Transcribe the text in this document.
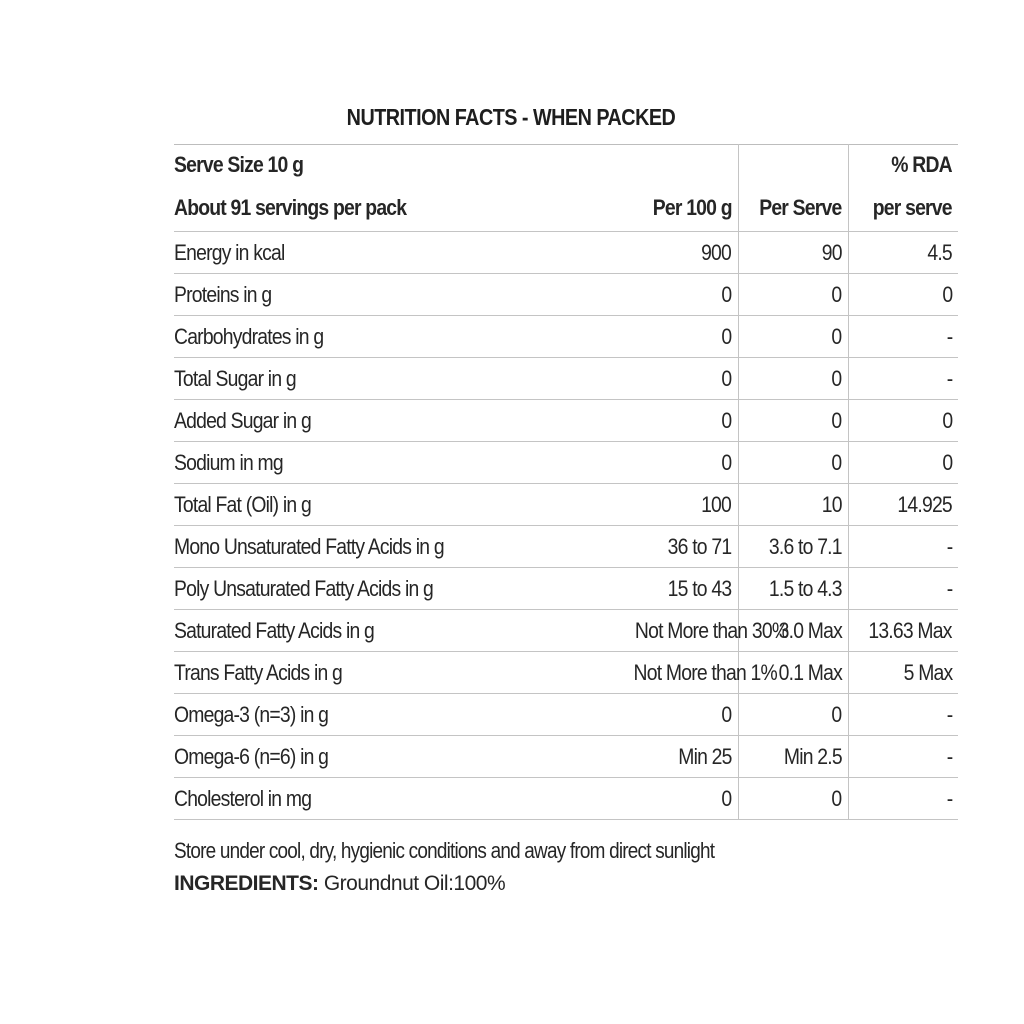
NUTRITION FACTS - WHEN PACKED
Serve Size 10 g			% RDA
About 91 servings per pack	Per 100 g	Per Serve	per serve
Energy in kcal	900	90	4.5
Proteins in g	0	0	0
Carbohydrates in g	0	0	-
Total Sugar in g	0	0	-
Added Sugar in g	0	0	0
Sodium in mg	0	0	0
Total Fat (Oil) in g	100	10	14.925
Mono Unsaturated Fatty Acids in g	36 to 71	3.6 to 7.1	-
Poly Unsaturated Fatty Acids in g	15 to 43	1.5 to 4.3	-
Saturated Fatty Acids in g	Not More than 30%	3.0 Max	13.63 Max
Trans Fatty Acids in g	Not More than 1%	0.1 Max	5 Max
Omega-3 (n=3) in g	0	0	-
Omega-6 (n=6) in g	Min 25	Min 2.5	-
Cholesterol in mg	0	0	-
Store under cool, dry, hygienic conditions and away from direct sunlight
INGREDIENTS: Groundnut Oil:100%
